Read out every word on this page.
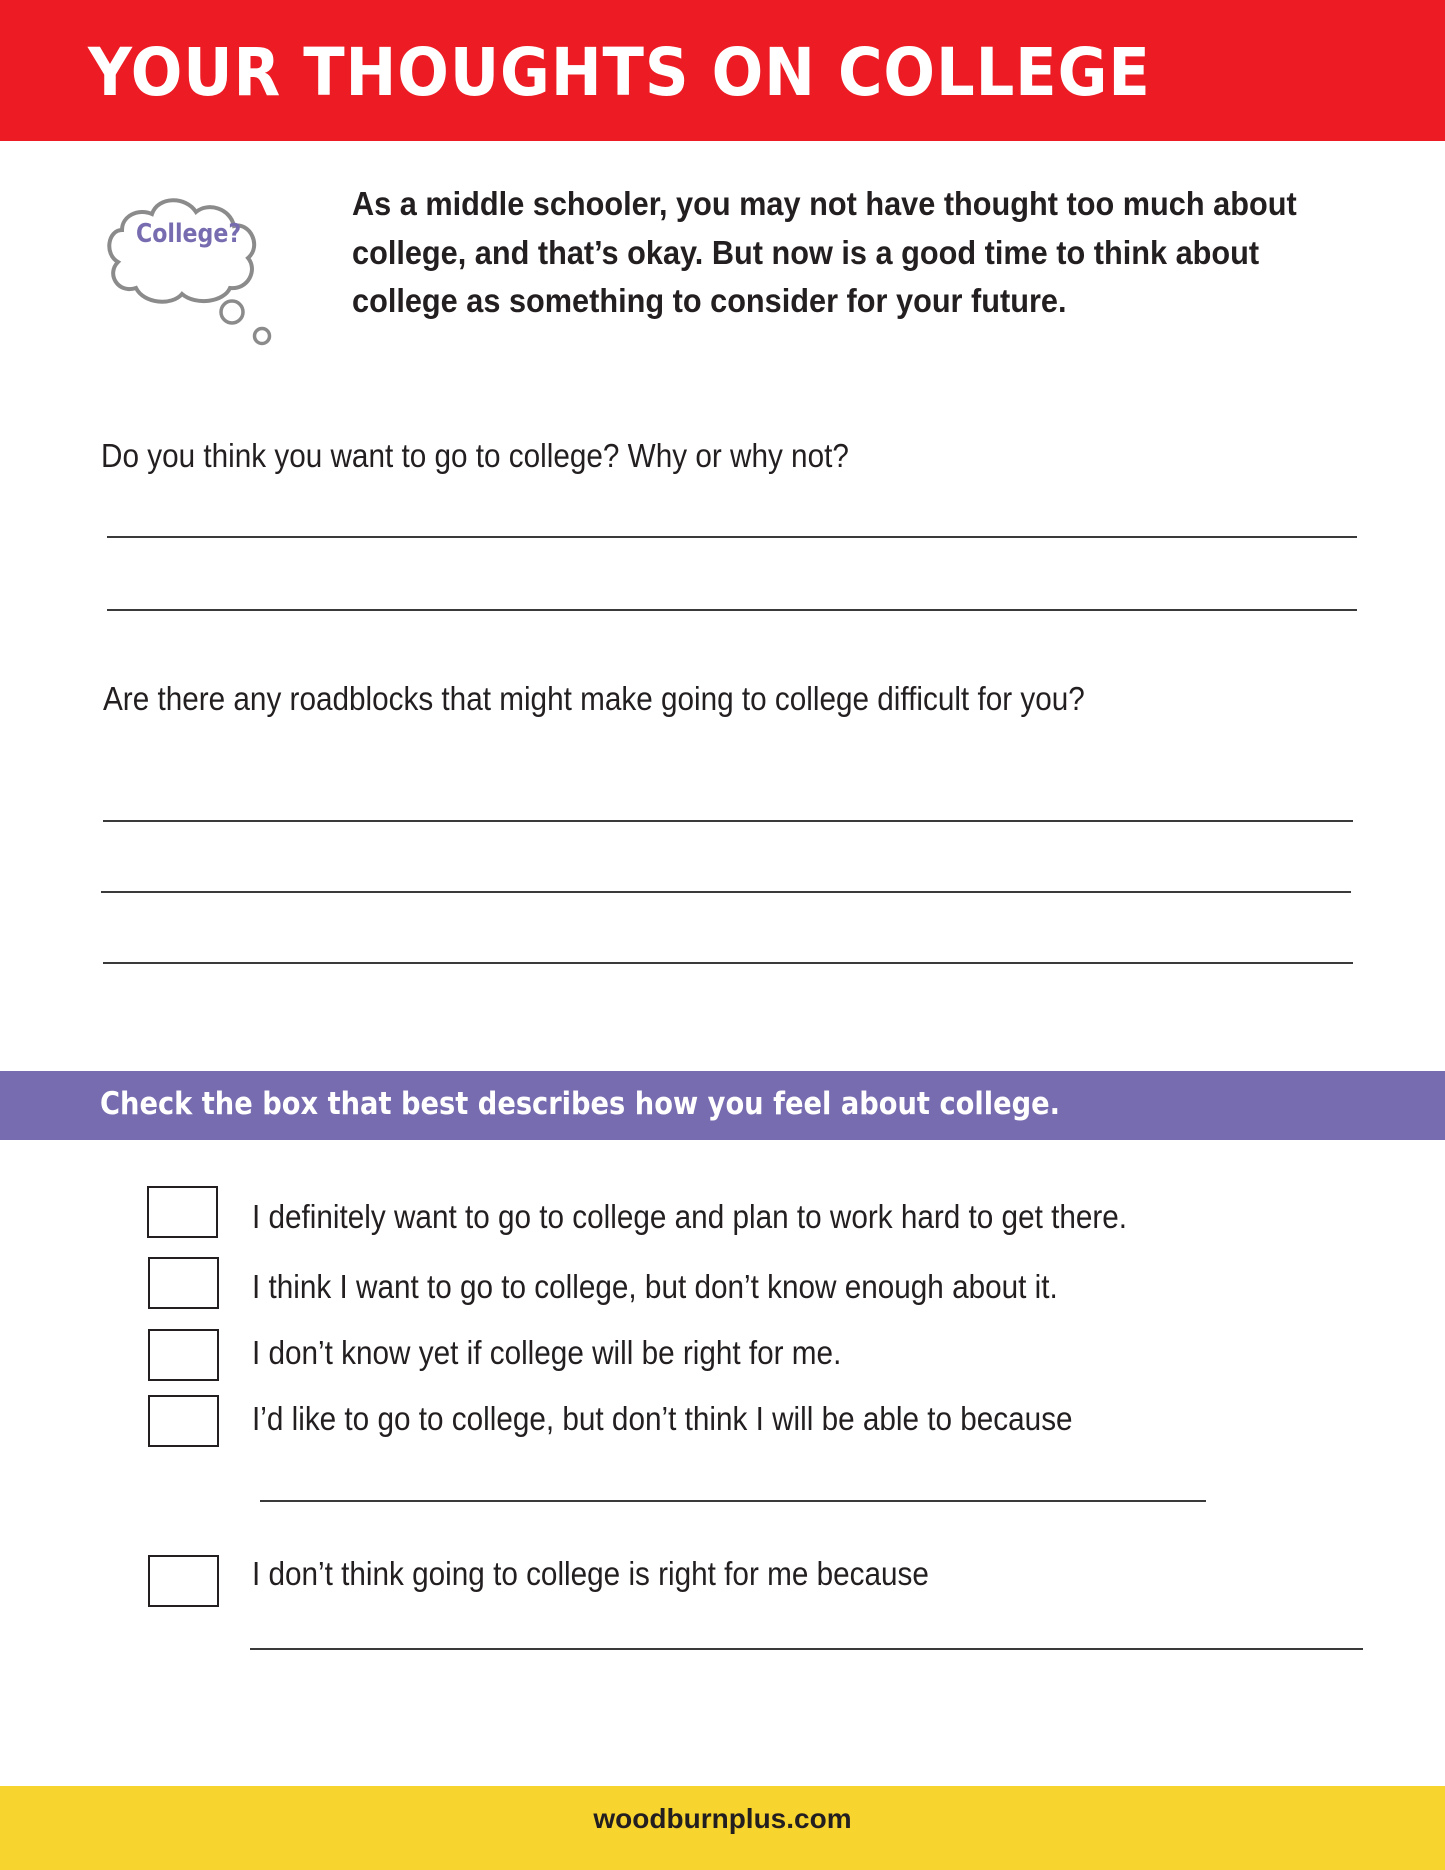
YOUR THOUGHTS ON COLLEGE
College?
As a middle schooler, you may not have thought too much about college, and that’s okay. But now is a good time to think about college as something to consider for your future.
Do you think you want to go to college? Why or why not?
Are there any roadblocks that might make going to college difficult for you?
Check the box that best describes how you feel about college.
I definitely want to go to college and plan to work hard to get there.
I think I want to go to college, but don’t know enough about it.
I don’t know yet if college will be right for me.
I’d like to go to college, but don’t think I will be able to because
I don’t think going to college is right for me because
woodburnplus.com
